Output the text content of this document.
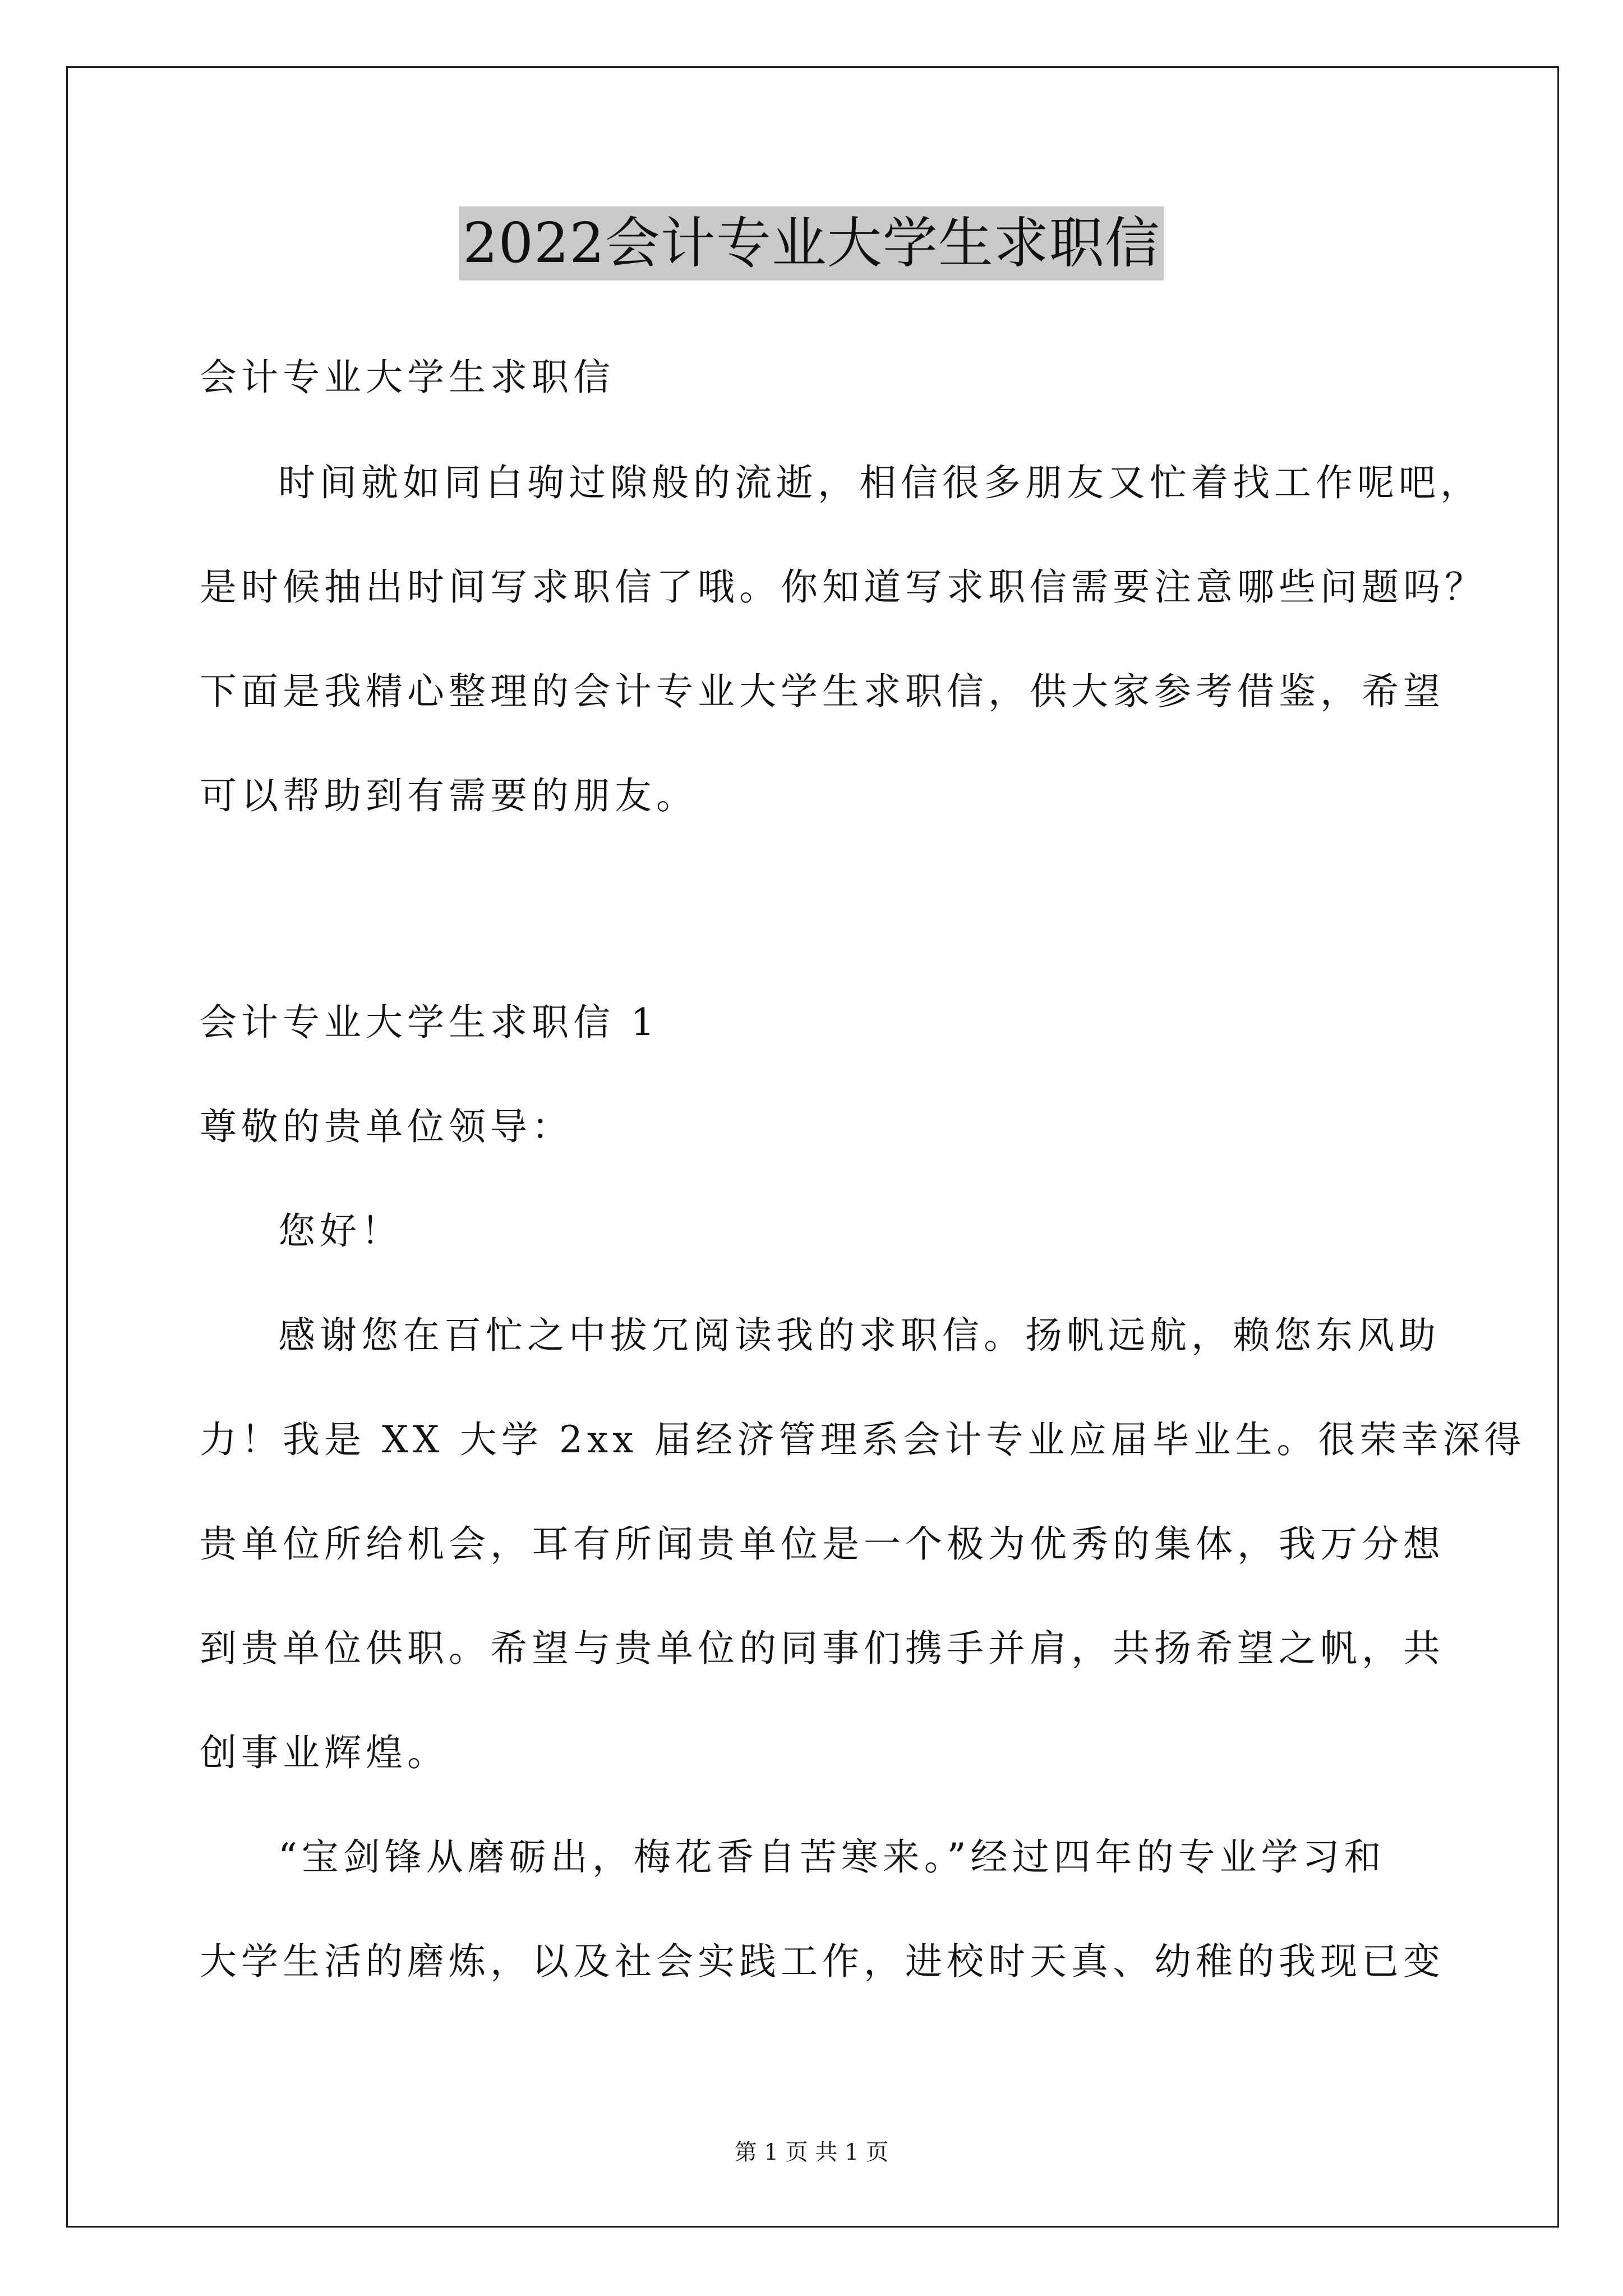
2022会计专业大学生求职信
会计专业大学生求职信
时间就如同白驹过隙般的流逝，相信很多朋友又忙着找工作呢吧，
是时候抽出时间写求职信了哦。你知道写求职信需要注意哪些问题吗？
下面是我精心整理的会计专业大学生求职信，供大家参考借鉴，希望
可以帮助到有需要的朋友。
会计专业大学生求职信 1
尊敬的贵单位领导：
您好！
感谢您在百忙之中拔冗阅读我的求职信。扬帆远航，赖您东风助
力！我是 XX 大学 2xx 届经济管理系会计专业应届毕业生。很荣幸深得
贵单位所给机会，耳有所闻贵单位是一个极为优秀的集体，我万分想
到贵单位供职。希望与贵单位的同事们携手并肩，共扬希望之帆，共
创事业辉煌。
“宝剑锋从磨砺出，梅花香自苦寒来。”经过四年的专业学习和
大学生活的磨炼，以及社会实践工作，进校时天真、幼稚的我现已变
第 1 页 共 1 页
